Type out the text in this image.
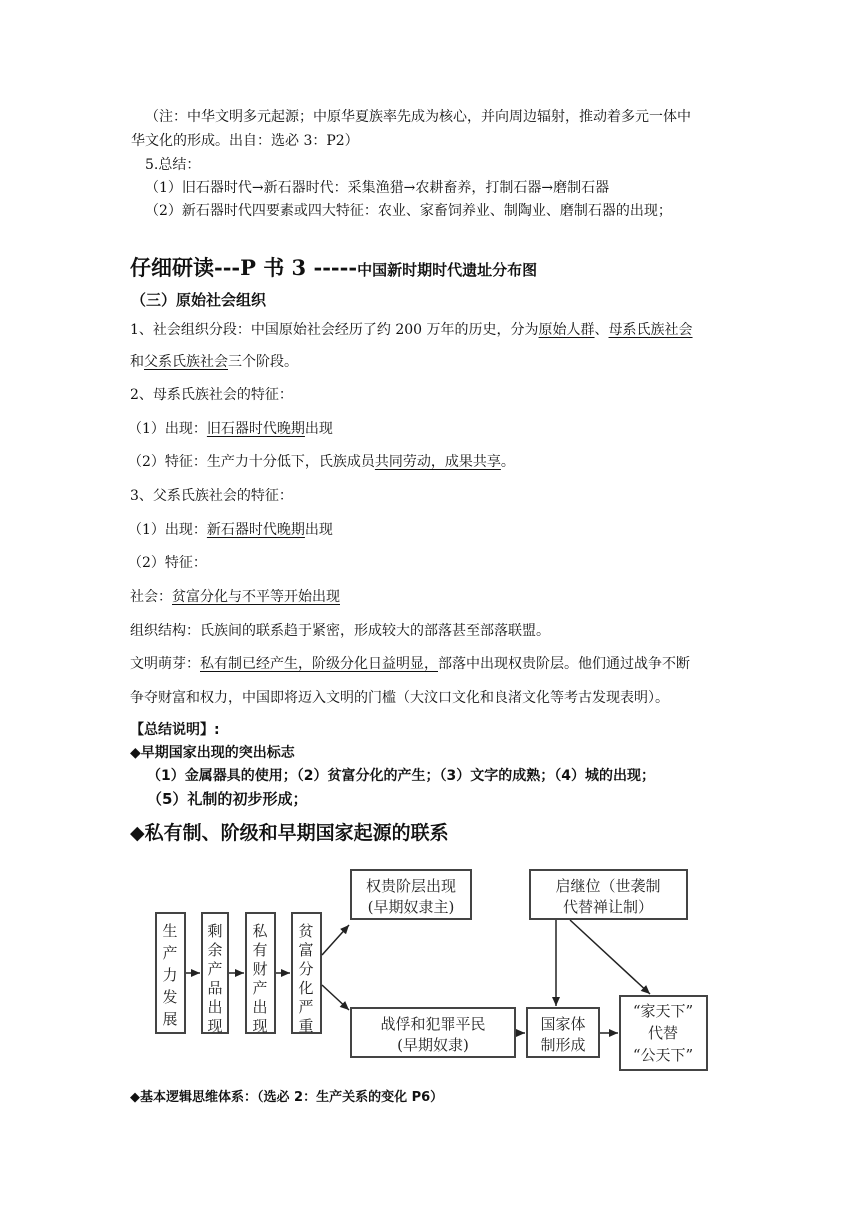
（注：中华文明多元起源；中原华夏族率先成为核心，并向周边辐射，推动着多元一体中
华文化的形成。出自：选必 3：P2）
5.总结：
（1）旧石器时代→新石器时代：采集渔猎→农耕畜养，打制石器→磨制石器
（2）新石器时代四要素或四大特征：农业、家畜饲养业、制陶业、磨制石器的出现；
仔细研读---P 书 3 -----中国新时期时代遗址分布图
（三）原始社会组织
1、社会组织分段：中国原始社会经历了约 200 万年的历史，分为原始人群、母系氏族社会
和父系氏族社会三个阶段。
2、母系氏族社会的特征：
（1）出现：旧石器时代晚期出现
（2）特征：生产力十分低下，氏族成员共同劳动，成果共享。
3、父系氏族社会的特征：
（1）出现：新石器时代晚期出现
（2）特征：
社会：贫富分化与不平等开始出现
组织结构：氏族间的联系趋于紧密，形成较大的部落甚至部落联盟。
文明萌芽：私有制已经产生，阶级分化日益明显，部落中出现权贵阶层。他们通过战争不断
争夺财富和权力，中国即将迈入文明的门槛（大汶口文化和良渚文化等考古发现表明）。
【总结说明】:
◆早期国家出现的突出标志
（1）金属器具的使用；（2）贫富分化的产生；（3）文字的成熟；（4）城的出现；
（5）礼制的初步形成；
◆私有制、阶级和早期国家起源的联系
生产力发展
剩余产品出现
私有财产出现
贫富分化严重
权贵阶层出现
(早期奴隶主)
战俘和犯罪平民
(早期奴隶)
启继位（世袭制
代替禅让制）
国家体
制形成
“家天下”
代替
“公天下”
◆基本逻辑思维体系：（选必 2：生产关系的变化 P6）
